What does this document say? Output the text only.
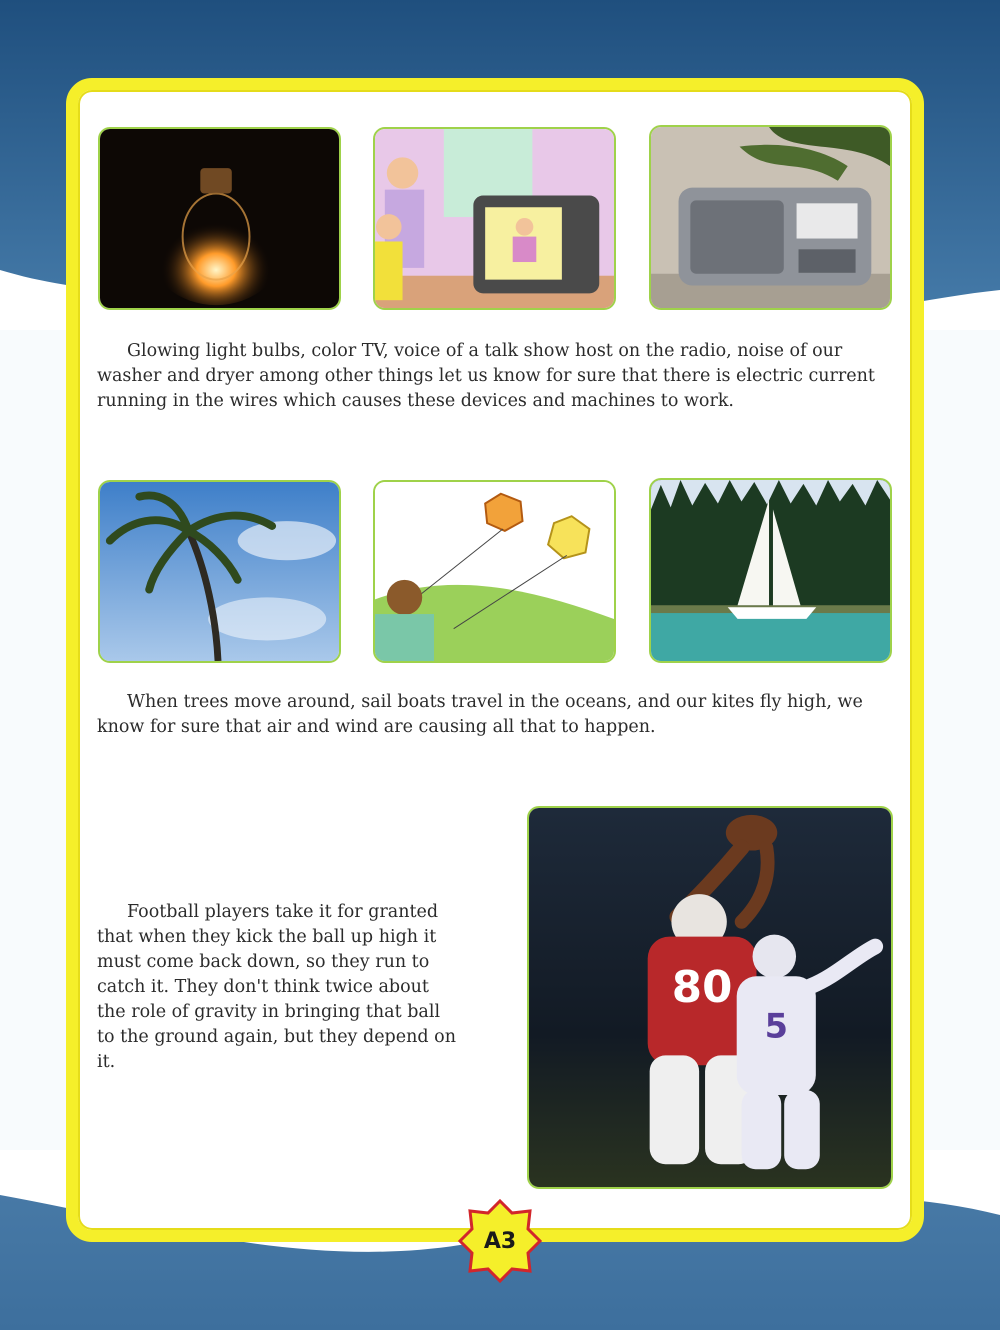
Glowing light bulbs, color TV, voice of a talk show host on the radio, noise of our washer and dryer among other things let us know for sure that there is electric current running in the wires which causes these devices and machines to work.

When trees move around, sail boats travel in the oceans, and our kites fly high, we know for sure that air and wind are causing all that to happen.

Football players take it for granted that when they kick the ball up high it must come back down, so they run to catch it. They don't think twice about the role of gravity in bringing that ball to the ground again, but they depend on it.

80
5
A3
